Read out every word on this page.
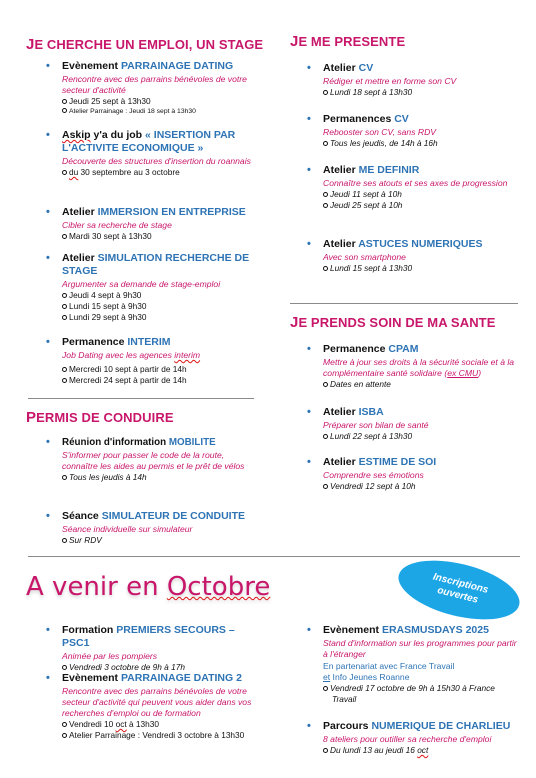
JE CHERCHE UN EMPLOI, UN STAGE
• Evènement PARRAINAGE DATING
Rencontre avec des parrains bénévoles de votre secteur d'activité
Jeudi 25 sept à 13h30
Atelier Parrainage : Jeudi 18 sept à 13h30
• Askip y'a du job « INSERTION PAR L'ACTIVITE ECONOMIQUE »
Découverte des structures d'insertion du roannais
du 30 septembre au 3 octobre
• Atelier IMMERSION EN ENTREPRISE
Cibler sa recherche de stage
Mardi 30 sept à 13h30
• Atelier SIMULATION RECHERCHE DE STAGE
Argumenter sa demande de stage-emploi
Jeudi 4 sept à 9h30
Lundi 15 sept à 9h30
Lundi 29 sept à 9h30
• Permanence INTERIM
Job Dating avec les agences interim
Mercredi 10 sept à partir de 14h
Mercredi 24 sept à partir de 14h
PERMIS DE CONDUIRE
• Réunion d'information MOBILITE
S'informer pour passer le code de la route, connaître les aides au permis et le prêt de vélos
Tous les jeudis à 14h
• Séance SIMULATEUR DE CONDUITE
Séance individuelle sur simulateur
Sur RDV
JE ME PRESENTE
• Atelier CV
Rédiger et mettre en forme son CV
Lundi 18 sept à 13h30
• Permanences CV
Rebooster son CV, sans RDV
Tous les jeudis, de 14h à 16h
• Atelier ME DEFINIR
Connaître ses atouts et ses axes de progression
Jeudi 11 sept à 10h
Jeudi 25 sept à 10h
• Atelier ASTUCES NUMERIQUES
Avec son smartphone
Lundi 15 sept à 13h30
JE PRENDS SOIN DE MA SANTE
• Permanence CPAM
Mettre à jour ses droits à la sécurité sociale et à la complémentaire santé solidaire (ex CMU)
Dates en attente
• Atelier ISBA
Préparer son bilan de santé
Lundi 22 sept à 13h30
• Atelier ESTIME DE SOI
Comprendre ses émotions
Vendredi 12 sept à 10h
A venir en Octobre	Inscriptions ouvertes
• Formation PREMIERS SECOURS – PSC1
Animée par les pompiers
Vendredi 3 octobre de 9h à 17h
• Evènement PARRAINAGE DATING 2
Rencontre avec des parrains bénévoles de votre secteur d'activité qui peuvent vous aider dans vos recherches d'emploi ou de formation
Vendredi 10 oct à 13h30
Atelier Parrainage : Vendredi 3 octobre à 13h30
• Evènement ERASMUSDAYS 2025
Stand d'information sur les programmes pour partir à l'étranger
En partenariat avec France Travail
et Info Jeunes Roanne
Vendredi 17 octobre de 9h à 15h30 à France Travail
• Parcours NUMERIQUE DE CHARLIEU
8 ateliers pour outiller sa recherche d'emploi
Du lundi 13 au jeudi 16 oct
